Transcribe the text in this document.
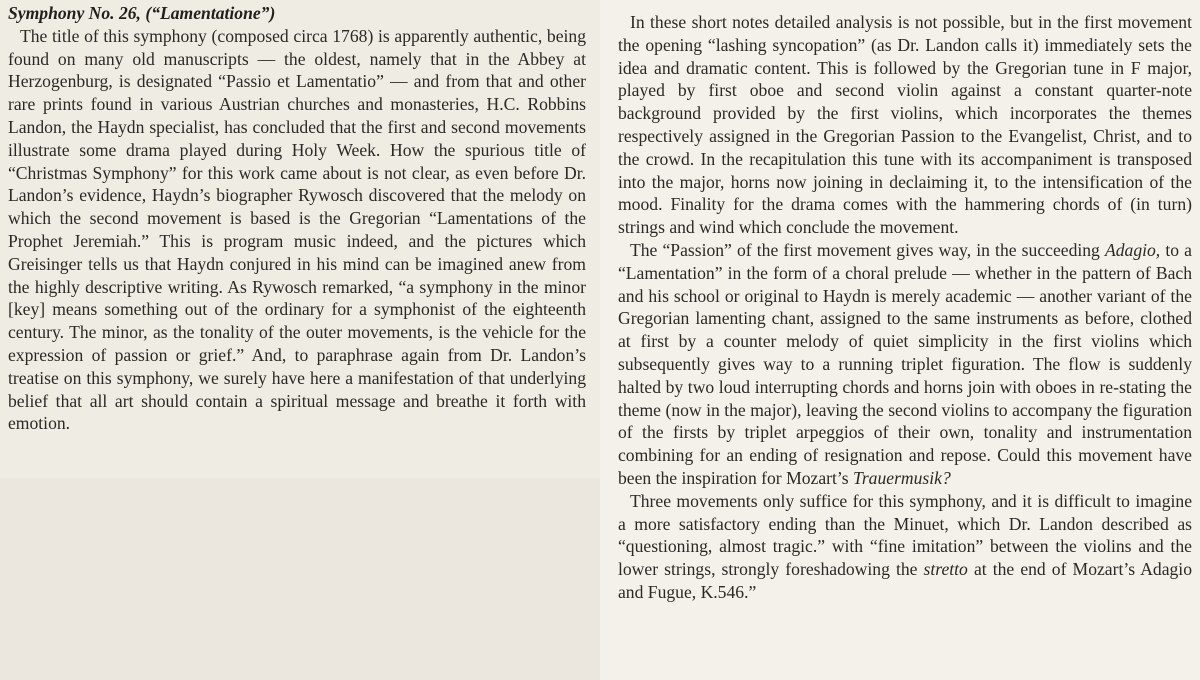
Symphony No. 26, (“Lamentatione”)

The title of this symphony (composed circa 1768) is apparently authentic, being found on many old manuscripts — the oldest, namely that in the Abbey at Herzogenburg, is designated “Passio et Lamentatio” — and from that and other rare prints found in various Austrian churches and monasteries, H.C. Robbins Landon, the Haydn specialist, has concluded that the first and second movements illustrate some drama played during Holy Week. How the spurious title of “Christmas Symphony” for this work came about is not clear, as even before Dr. Landon’s evidence, Haydn’s biographer Rywosch discovered that the melody on which the second movement is based is the Gregorian “Lamentations of the Prophet Jeremiah.” This is program music indeed, and the pictures which Greisinger tells us that Haydn conjured in his mind can be imagined anew from the highly descriptive writing. As Rywosch remarked, “a symphony in the minor [key] means something out of the ordinary for a symphonist of the eighteenth century. The minor, as the tonality of the outer movements, is the vehicle for the expression of passion or grief.” And, to paraphrase again from Dr. Landon’s treatise on this symphony, we surely have here a manifestation of that underlying belief that all art should contain a spiritual message and breathe it forth with emotion.

In these short notes detailed analysis is not possible, but in the first movement the opening “lashing syncopation” (as Dr. Landon calls it) immediately sets the idea and dramatic content. This is followed by the Gregorian tune in F major, played by first oboe and second violin against a constant quarter-note background provided by the first violins, which incorporates the themes respectively assigned in the Gregorian Passion to the Evangelist, Christ, and to the crowd. In the recapitulation this tune with its accompaniment is transposed into the major, horns now joining in declaiming it, to the intensification of the mood. Finality for the drama comes with the hammering chords of (in turn) strings and wind which conclude the movement.

The “Passion” of the first movement gives way, in the succeeding Adagio, to a “Lamentation” in the form of a choral prelude — whether in the pattern of Bach and his school or original to Haydn is merely academic — another variant of the Gregorian lamenting chant, assigned to the same instruments as before, clothed at first by a counter melody of quiet simplicity in the first violins which subsequently gives way to a running triplet figuration. The flow is suddenly halted by two loud interrupting chords and horns join with oboes in re-stating the theme (now in the major), leaving the second violins to accompany the figuration of the firsts by triplet arpeggios of their own, tonality and instrumentation combining for an ending of resignation and repose. Could this movement have been the inspiration for Mozart’s Trauermusik?

Three movements only suffice for this symphony, and it is difficult to imagine a more satisfactory ending than the Minuet, which Dr. Landon described as “questioning, almost tragic.” with “fine imitation” between the violins and the lower strings, strongly foreshadowing the stretto at the end of Mozart’s Adagio and Fugue, K.546.”
